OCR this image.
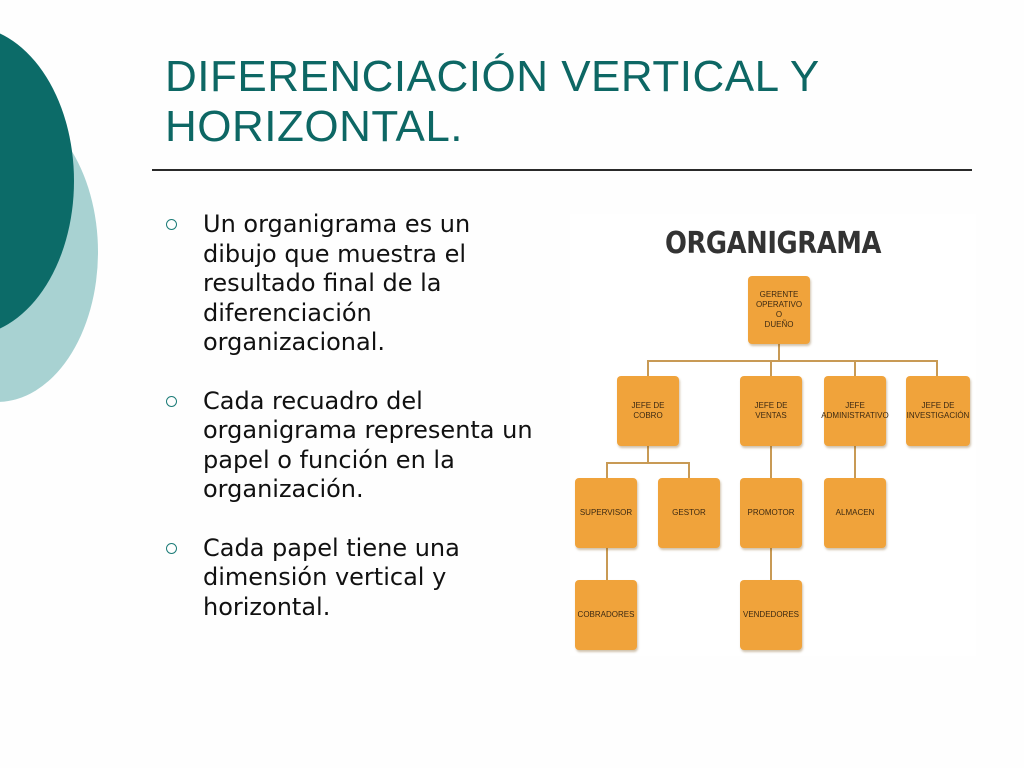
DIFERENCIACIÓN VERTICAL Y
HORIZONTAL.
Un organigrama es un dibujo que muestra el resultado final de la diferenciación organizacional.
Cada recuadro del organigrama representa un papel o función en la organización.
Cada papel tiene una dimensión vertical y horizontal.
ORGANIGRAMA
GERENTE
OPERATIVO
O
DUEÑO
JEFE DE COBRO
JEFE DE
VENTAS
JEFE
ADMINISTRATIVO
JEFE DE
INVESTIGACIÓN
SUPERVISOR	GESTOR	PROMOTOR	ALMACEN
COBRADORES	VENDEDORES
